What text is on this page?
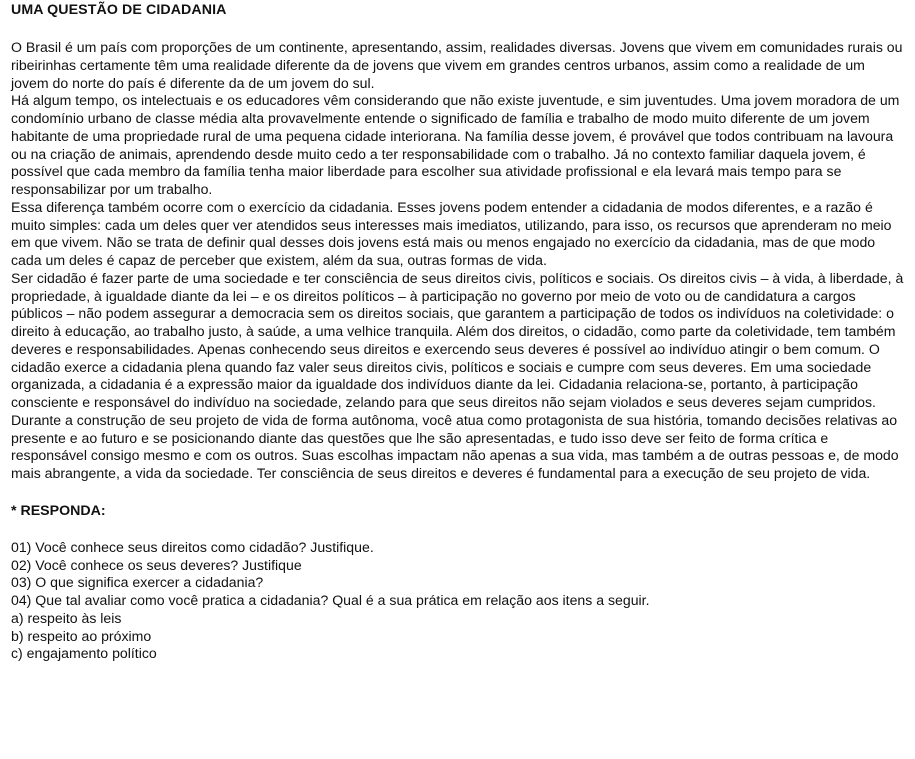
UMA QUESTÃO DE CIDADANIA

O Brasil é um país com proporções de um continente, apresentando, assim, realidades diversas. Jovens que vivem em comunidades rurais ou ribeirinhas certamente têm uma realidade diferente da de jovens que vivem em grandes centros urbanos, assim como a realidade de um jovem do norte do país é diferente da de um jovem do sul.

Há algum tempo, os intelectuais e os educadores vêm considerando que não existe juventude, e sim juventudes. Uma jovem moradora de um condomínio urbano de classe média alta provavelmente entende o significado de família e trabalho de modo muito diferente de um jovem habitante de uma propriedade rural de uma pequena cidade interiorana. Na família desse jovem, é provável que todos contribuam na lavoura ou na criação de animais, aprendendo desde muito cedo a ter responsabilidade com o trabalho. Já no contexto familiar daquela jovem, é possível que cada membro da família tenha maior liberdade para escolher sua atividade profissional e ela levará mais tempo para se responsabilizar por um trabalho.

Essa diferença também ocorre com o exercício da cidadania. Esses jovens podem entender a cidadania de modos diferentes, e a razão é muito simples: cada um deles quer ver atendidos seus interesses mais imediatos, utilizando, para isso, os recursos que aprenderam no meio em que vivem. Não se trata de definir qual desses dois jovens está mais ou menos engajado no exercício da cidadania, mas de que modo cada um deles é capaz de perceber que existem, além da sua, outras formas de vida.

Ser cidadão é fazer parte de uma sociedade e ter consciência de seus direitos civis, políticos e sociais. Os direitos civis – à vida, à liberdade, à propriedade, à igualdade diante da lei – e os direitos políticos – à participação no governo por meio de voto ou de candidatura a cargos públicos – não podem assegurar a democracia sem os direitos sociais, que garantem a participação de todos os indivíduos na coletividade: o direito à educação, ao trabalho justo, à saúde, a uma velhice tranquila. Além dos direitos, o cidadão, como parte da coletividade, tem também deveres e responsabilidades. Apenas conhecendo seus direitos e exercendo seus deveres é possível ao indivíduo atingir o bem comum. O cidadão exerce a cidadania plena quando faz valer seus direitos civis, políticos e sociais e cumpre com seus deveres. Em uma sociedade organizada, a cidadania é a expressão maior da igualdade dos indivíduos diante da lei. Cidadania relaciona-se, portanto, à participação consciente e responsável do indivíduo na sociedade, zelando para que seus direitos não sejam violados e seus deveres sejam cumpridos.

Durante a construção de seu projeto de vida de forma autônoma, você atua como protagonista de sua história, tomando decisões relativas ao presente e ao futuro e se posicionando diante das questões que lhe são apresentadas, e tudo isso deve ser feito de forma crítica e responsável consigo mesmo e com os outros. Suas escolhas impactam não apenas a sua vida, mas também a de outras pessoas e, de modo mais abrangente, a vida da sociedade. Ter consciência de seus direitos e deveres é fundamental para a execução de seu projeto de vida.

* RESPONDA:

01) Você conhece seus direitos como cidadão? Justifique.

02) Você conhece os seus deveres? Justifique

03) O que significa exercer a cidadania?

04) Que tal avaliar como você pratica a cidadania? Qual é a sua prática em relação aos itens a seguir.

a) respeito às leis

b) respeito ao próximo

c) engajamento político
